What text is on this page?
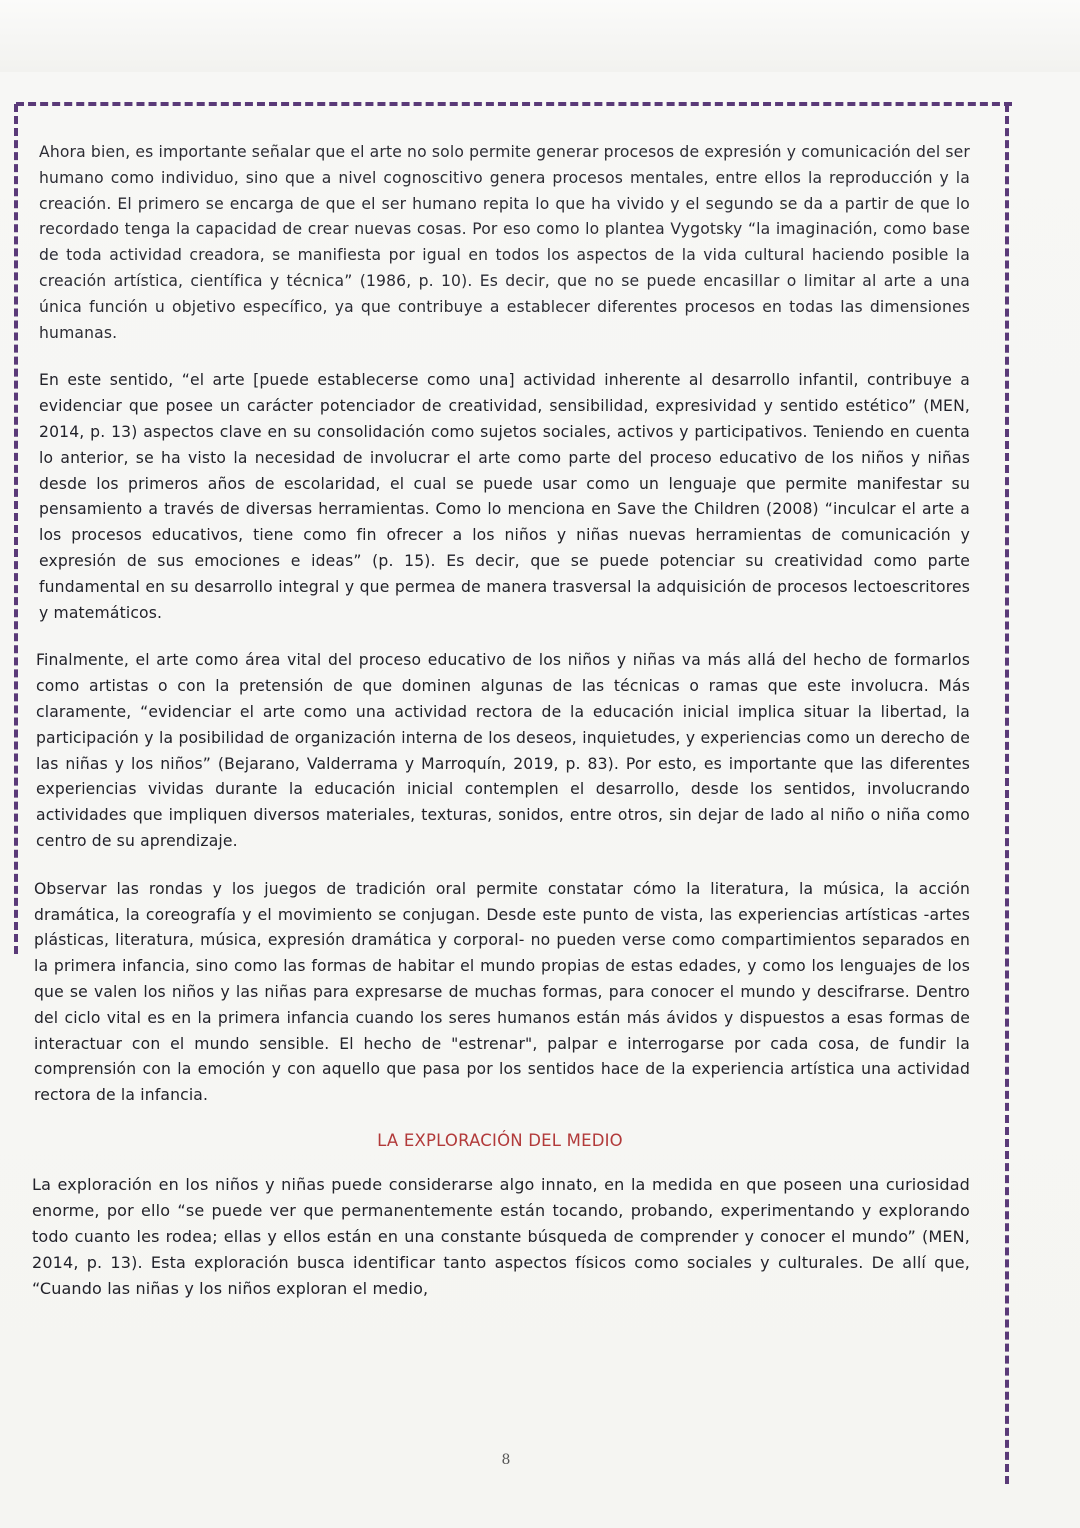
Ahora bien, es importante señalar que el arte no solo permite generar procesos de expresión y comunicación del ser humano como individuo, sino que a nivel cognoscitivo genera procesos mentales, entre ellos la reproducción y la creación. El primero se encarga de que el ser humano repita lo que ha vivido y el segundo se da a partir de que lo recordado tenga la capacidad de crear nuevas cosas. Por eso como lo plantea Vygotsky “la imaginación, como base de toda actividad creadora, se manifiesta por igual en todos los aspectos de la vida cultural haciendo posible la creación artística, científica y técnica” (1986, p. 10). Es decir, que no se puede encasillar o limitar al arte a una única función u objetivo específico, ya que contribuye a establecer diferentes procesos en todas las dimensiones humanas.

En este sentido, “el arte [puede establecerse como una] actividad inherente al desarrollo infantil, contribuye a evidenciar que posee un carácter potenciador de creatividad, sensibilidad, expresividad y sentido estético” (MEN, 2014, p. 13) aspectos clave en su consolidación como sujetos sociales, activos y participativos. Teniendo en cuenta lo anterior, se ha visto la necesidad de involucrar el arte como parte del proceso educativo de los niños y niñas desde los primeros años de escolaridad, el cual se puede usar como un lenguaje que permite manifestar su pensamiento a través de diversas herramientas. Como lo menciona en Save the Children (2008) “inculcar el arte a los procesos educativos, tiene como fin ofrecer a los niños y niñas nuevas herramientas de comunicación y expresión de sus emociones e ideas” (p. 15). Es decir, que se puede potenciar su creatividad como parte fundamental en su desarrollo integral y que permea de manera trasversal la adquisición de procesos lectoescritores y matemáticos.

Finalmente, el arte como área vital del proceso educativo de los niños y niñas va más allá del hecho de formarlos como artistas o con la pretensión de que dominen algunas de las técnicas o ramas que este involucra. Más claramente, “evidenciar el arte como una actividad rectora de la educación inicial implica situar la libertad, la participación y la posibilidad de organización interna de los deseos, inquietudes, y experiencias como un derecho de las niñas y los niños” (Bejarano, Valderrama y Marroquín, 2019, p. 83). Por esto, es importante que las diferentes experiencias vividas durante la educación inicial contemplen el desarrollo, desde los sentidos, involucrando actividades que impliquen diversos materiales, texturas, sonidos, entre otros, sin dejar de lado al niño o niña como centro de su aprendizaje.

Observar las rondas y los juegos de tradición oral permite constatar cómo la literatura, la música, la acción dramática, la coreografía y el movimiento se conjugan. Desde este punto de vista, las experiencias artísticas -artes plásticas, literatura, música, expresión dramática y corporal- no pueden verse como compartimientos separados en la primera infancia, sino como las formas de habitar el mundo propias de estas edades, y como los lenguajes de los que se valen los niños y las niñas para expresarse de muchas formas, para conocer el mundo y descifrarse. Dentro del ciclo vital es en la primera infancia cuando los seres humanos están más ávidos y dispuestos a esas formas de interactuar con el mundo sensible. El hecho de "estrenar", palpar e interrogarse por cada cosa, de fundir la comprensión con la emoción y con aquello que pasa por los sentidos hace de la experiencia artística una actividad rectora de la infancia.

LA EXPLORACIÓN DEL MEDIO

La exploración en los niños y niñas puede considerarse algo innato, en la medida en que poseen una curiosidad enorme, por ello “se puede ver que permanentemente están tocando, probando, experimentando y explorando todo cuanto les rodea; ellas y ellos están en una constante búsqueda de comprender y conocer el mundo” (MEN, 2014, p. 13). Esta exploración busca identificar tanto aspectos físicos como sociales y culturales. De allí que, “Cuando las niñas y los niños exploran el medio,

8
